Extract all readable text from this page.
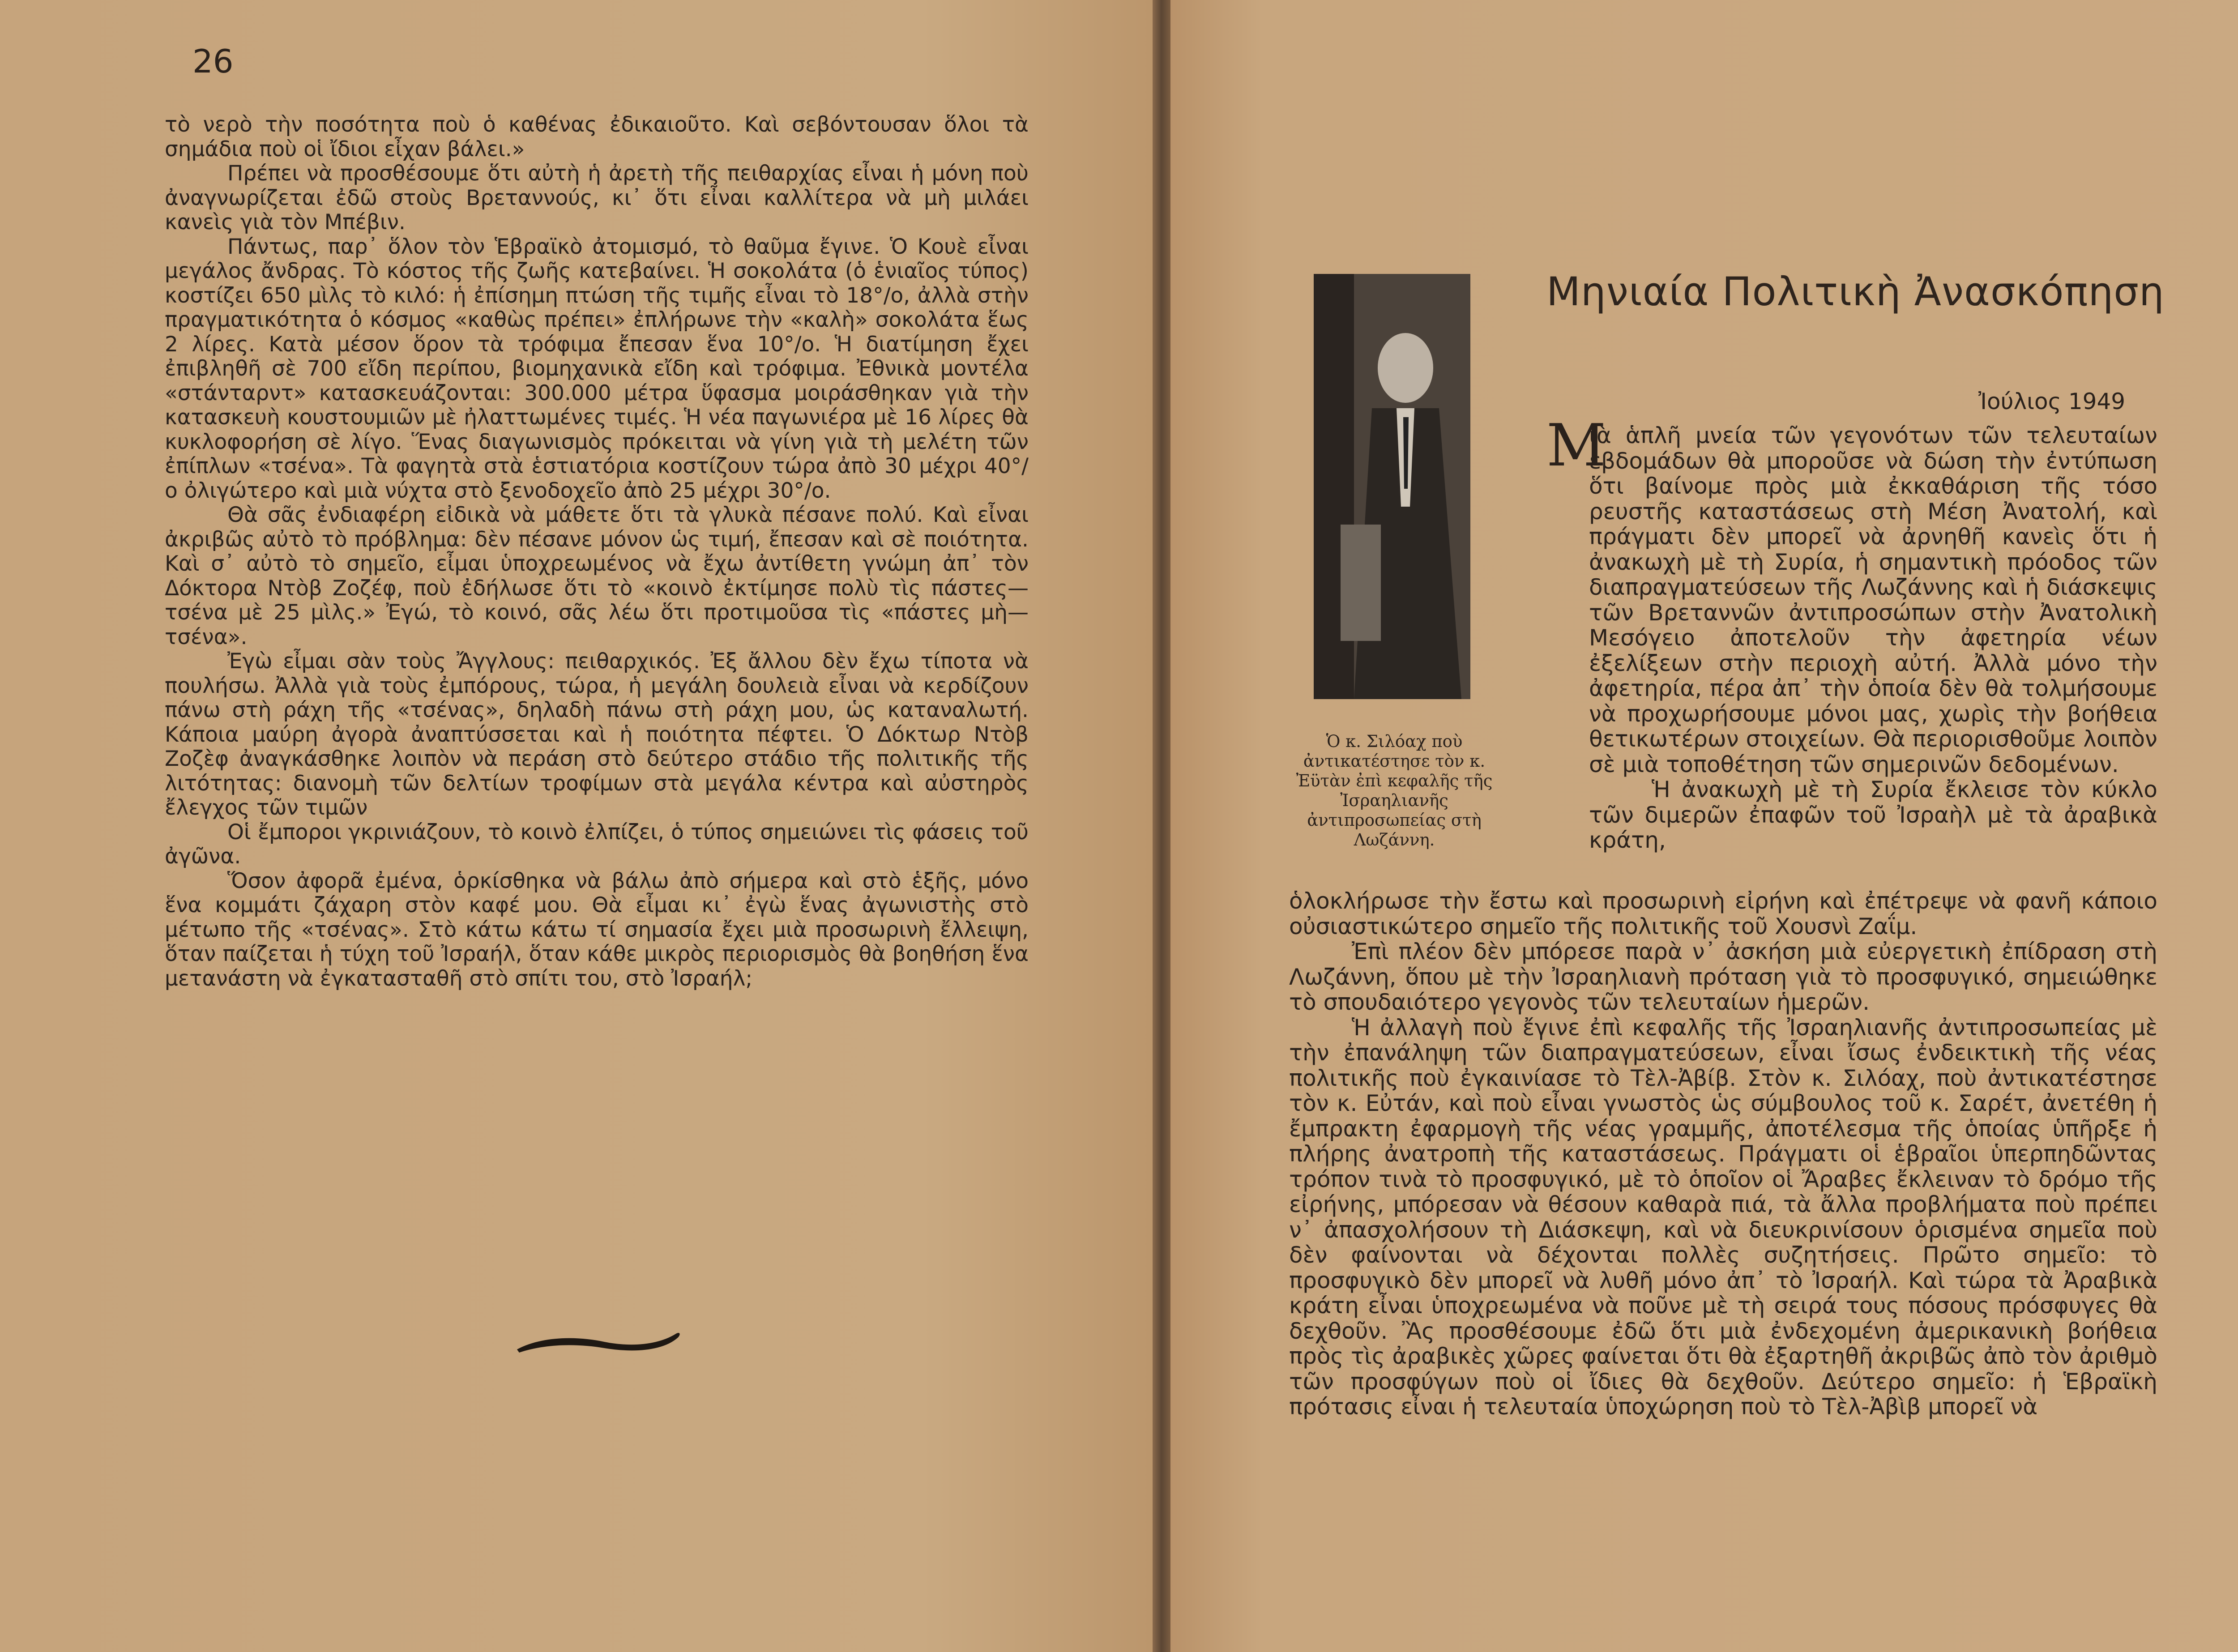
26

τὸ νερὸ τὴν ποσότητα ποὺ ὁ καθένας ἐδικαιοῦτο. Καὶ σεβόντουσαν ὅλοι τὰ σημάδια ποὺ οἱ ἴδιοι εἶχαν βάλει.»

Πρέπει νὰ προσθέσουμε ὅτι αὐτὴ ἡ ἀρετὴ τῆς πειθαρχίας εἶναι ἡ μόνη ποὺ ἀναγνωρίζεται ἐδῶ στοὺς Βρεταννούς, κι᾿ ὅτι εἶναι καλλίτερα νὰ μὴ μιλάει κανεὶς γιὰ τὸν Μπέβιν.

Πάντως, παρ᾿ ὅλον τὸν Ἑβραϊκὸ ἀτομισμό, τὸ θαῦμα ἔγινε. Ὁ Κουὲ εἶναι μεγάλος ἄνδρας. Τὸ κόστος τῆς ζωῆς κατεβαίνει. Ἡ σοκολάτα (ὁ ἑνιαῖος τύπος) κοστίζει 650 μὶλς τὸ κιλό: ἡ ἐπίσημη πτώση τῆς τιμῆς εἶναι τὸ 18°/ο, ἀλλὰ στὴν πραγματικότητα ὁ κόσμος «καθὼς πρέπει» ἐπλήρωνε τὴν «καλὴ» σοκολάτα ἕως 2 λίρες. Κατὰ μέσον ὅρον τὰ τρόφιμα ἔπεσαν ἕνα 10°/ο. Ἡ διατίμηση ἔχει ἐπιβληθῆ σὲ 700 εἴδη περίπου, βιομηχανικὰ εἴδη καὶ τρόφιμα. Ἐθνικὰ μοντέλα «στάνταρντ» κατασκευάζονται: 300.000 μέτρα ὕφασμα μοιράσθηκαν γιὰ τὴν κατασκευὴ κουστουμιῶν μὲ ἠλαττωμένες τιμές. Ἡ νέα παγωνιέρα μὲ 16 λίρες θὰ κυκλοφορήση σὲ λίγο. Ἕνας διαγωνισμὸς πρόκειται νὰ γίνη γιὰ τὴ μελέτη τῶν ἐπίπλων «τσένα». Τὰ φαγητὰ στὰ ἑστιατόρια κοστίζουν τώρα ἀπὸ 30 μέχρι 40°/ο ὀλιγώτερο καὶ μιὰ νύχτα στὸ ξενοδοχεῖο ἀπὸ 25 μέχρι 30°/ο.

Θὰ σᾶς ἐνδιαφέρη εἰδικὰ νὰ μάθετε ὅτι τὰ γλυκὰ πέσανε πολύ. Καὶ εἶναι ἀκριβῶς αὐτὸ τὸ πρόβλημα: δὲν πέσανε μόνον ὡς τιμή, ἔπεσαν καὶ σὲ ποιότητα. Καὶ σ᾿ αὐτὸ τὸ σημεῖο, εἶμαι ὑποχρεωμένος νὰ ἔχω ἀντίθετη γνώμη ἀπ᾿ τὸν Δόκτορα Ντὸβ Ζοζέφ, ποὺ ἐδήλωσε ὅτι τὸ «κοινὸ ἐκτίμησε πολὺ τὶς πάστες—τσένα μὲ 25 μὶλς.» Ἐγώ, τὸ κοινό, σᾶς λέω ὅτι προτιμοῦσα τὶς «πάστες μὴ—τσένα».

Ἐγὼ εἶμαι σὰν τοὺς Ἄγγλους: πειθαρχικός. Ἐξ ἄλλου δὲν ἔχω τίποτα νὰ πουλήσω. Ἀλλὰ γιὰ τοὺς ἐμπόρους, τώρα, ἡ μεγάλη δουλειὰ εἶναι νὰ κερδίζουν πάνω στὴ ράχη τῆς «τσένας», δηλαδὴ πάνω στὴ ράχη μου, ὡς καταναλωτή. Κάποια μαύρη ἀγορὰ ἀναπτύσσεται καὶ ἡ ποιότητα πέφτει. Ὁ Δόκτωρ Ντὸβ Ζοζὲφ ἀναγκάσθηκε λοιπὸν νὰ περάση στὸ δεύτερο στάδιο τῆς πολιτικῆς τῆς λιτότητας: διανομὴ τῶν δελτίων τροφίμων στὰ μεγάλα κέντρα καὶ αὐστηρὸς ἔλεγχος τῶν τιμῶν

Οἱ ἔμποροι γκρινιάζουν, τὸ κοινὸ ἐλπίζει, ὁ τύπος σημειώνει τὶς φάσεις τοῦ ἀγῶνα.

Ὅσον ἀφορᾶ ἐμένα, ὁρκίσθηκα νὰ βάλω ἀπὸ σήμερα καὶ στὸ ἑξῆς, μόνο ἕνα κομμάτι ζάχαρη στὸν καφέ μου. Θὰ εἶμαι κι᾿ ἐγὼ ἕνας ἀγωνιστὴς στὸ μέτωπο τῆς «τσένας». Στὸ κάτω κάτω τί σημασία ἔχει μιὰ προσωρινὴ ἔλλειψη, ὅταν παίζεται ἡ τύχη τοῦ Ἰσραήλ, ὅταν κάθε μικρὸς περιορισμὸς θὰ βοηθήση ἕνα μετανάστη νὰ ἐγκατασταθῆ στὸ σπίτι του, στὸ Ἰσραήλ;

Μηνιαία Πολιτικὴ Ἀνασκόπηση
Ὁ κ. Σιλόαχ ποὺ ἀντικατέστησε τὸν κ. Ἐϋτὰν ἐπὶ κεφαλῆς τῆς Ἰσραηλιανῆς ἀντιπροσωπείας στὴ Λωζάννη.
Ἰούλιος 1949
Μ

ιὰ ἁπλῆ μνεία τῶν γεγονότων τῶν τελευταίων ἑβδομάδων θὰ μποροῦσε νὰ δώση τὴν ἐντύπωση ὅτι βαίνομε πρὸς μιὰ ἐκκαθάριση τῆς τόσο ρευστῆς καταστάσεως στὴ Μέση Ἀνατολή, καὶ πράγματι δὲν μπορεῖ νὰ ἀρνηθῆ κανεὶς ὅτι ἡ ἀνακωχὴ μὲ τὴ Συρία, ἡ σημαντικὴ πρόοδος τῶν διαπραγματεύσεων τῆς Λωζάννης καὶ ἡ διάσκεψις τῶν Βρεταννῶν ἀντιπροσώπων στὴν Ἀνατολικὴ Μεσόγειο ἀποτελοῦν τὴν ἀφετηρία νέων ἐξελίξεων στὴν περιοχὴ αὐτή. Ἀλλὰ μόνο τὴν ἀφετηρία, πέρα ἀπ᾿ τὴν ὁποία δὲν θὰ τολμήσουμε νὰ προχωρήσουμε μόνοι μας, χωρὶς τὴν βοήθεια θετικωτέρων στοιχείων. Θὰ περιορισθοῦμε λοιπὸν σὲ μιὰ τοποθέτηση τῶν σημερινῶν δεδομένων.

Ἡ ἀνακωχὴ μὲ τὴ Συρία ἔκλεισε τὸν κύκλο τῶν διμερῶν ἐπαφῶν τοῦ Ἰσραὴλ μὲ τὰ ἀραβικὰ κράτη,

ὁλοκλήρωσε τὴν ἔστω καὶ προσωρινὴ εἰρήνη καὶ ἐπέτρεψε νὰ φανῆ κάποιο οὐσιαστικώτερο σημεῖο τῆς πολιτικῆς τοῦ Χουσνὶ Ζαΐμ.

Ἐπὶ πλέον δὲν μπόρεσε παρὰ ν᾿ ἀσκήση μιὰ εὐεργετικὴ ἐπίδραση στὴ Λωζάννη, ὅπου μὲ τὴν Ἰσραηλιανὴ πρόταση γιὰ τὸ προσφυγικό, σημειώθηκε τὸ σπουδαιότερο γεγονὸς τῶν τελευταίων ἡμερῶν.

Ἡ ἀλλαγὴ ποὺ ἔγινε ἐπὶ κεφαλῆς τῆς Ἰσραηλιανῆς ἀντιπροσωπείας μὲ τὴν ἐπανάληψη τῶν διαπραγματεύσεων, εἶναι ἴσως ἐνδεικτικὴ τῆς νέας πολιτικῆς ποὺ ἐγκαινίασε τὸ Τὲλ-Ἀβίβ. Στὸν κ. Σιλόαχ, ποὺ ἀντικατέστησε τὸν κ. Εὐτάν, καὶ ποὺ εἶναι γνωστὸς ὡς σύμβουλος τοῦ κ. Σαρέτ, ἀνετέθη ἡ ἔμπρακτη ἐφαρμογὴ τῆς νέας γραμμῆς, ἀποτέλεσμα τῆς ὁποίας ὑπῆρξε ἡ πλήρης ἀνατροπὴ τῆς καταστάσεως. Πράγματι οἱ ἑβραῖοι ὑπερπηδῶντας τρόπον τινὰ τὸ προσφυγικό, μὲ τὸ ὁποῖον οἱ Ἄραβες ἔκλειναν τὸ δρόμο τῆς εἰρήνης, μπόρεσαν νὰ θέσουν καθαρὰ πιά, τὰ ἄλλα προβλήματα ποὺ πρέπει ν᾿ ἀπασχολήσουν τὴ Διάσκεψη, καὶ νὰ διευκρινίσουν ὁρισμένα σημεῖα ποὺ δὲν φαίνονται νὰ δέχονται πολλὲς συζητήσεις. Πρῶτο σημεῖο: τὸ προσφυγικὸ δὲν μπορεῖ νὰ λυθῆ μόνο ἀπ᾿ τὸ Ἰσραήλ. Καὶ τώρα τὰ Ἀραβικὰ κράτη εἶναι ὑποχρεωμένα νὰ ποῦνε μὲ τὴ σειρά τους πόσους πρόσφυγες θὰ δεχθοῦν. Ἂς προσθέσουμε ἐδῶ ὅτι μιὰ ἐνδεχομένη ἀμερικανικὴ βοήθεια πρὸς τὶς ἀραβικὲς χῶρες φαίνεται ὅτι θὰ ἐξαρτηθῆ ἀκριβῶς ἀπὸ τὸν ἀριθμὸ τῶν προσφύγων ποὺ οἱ ἴδιες θὰ δεχθοῦν. Δεύτερο σημεῖο: ἡ Ἑβραϊκὴ πρότασις εἶναι ἡ τελευταία ὑποχώρηση ποὺ τὸ Τὲλ-Ἀβὶβ μπορεῖ νὰ
